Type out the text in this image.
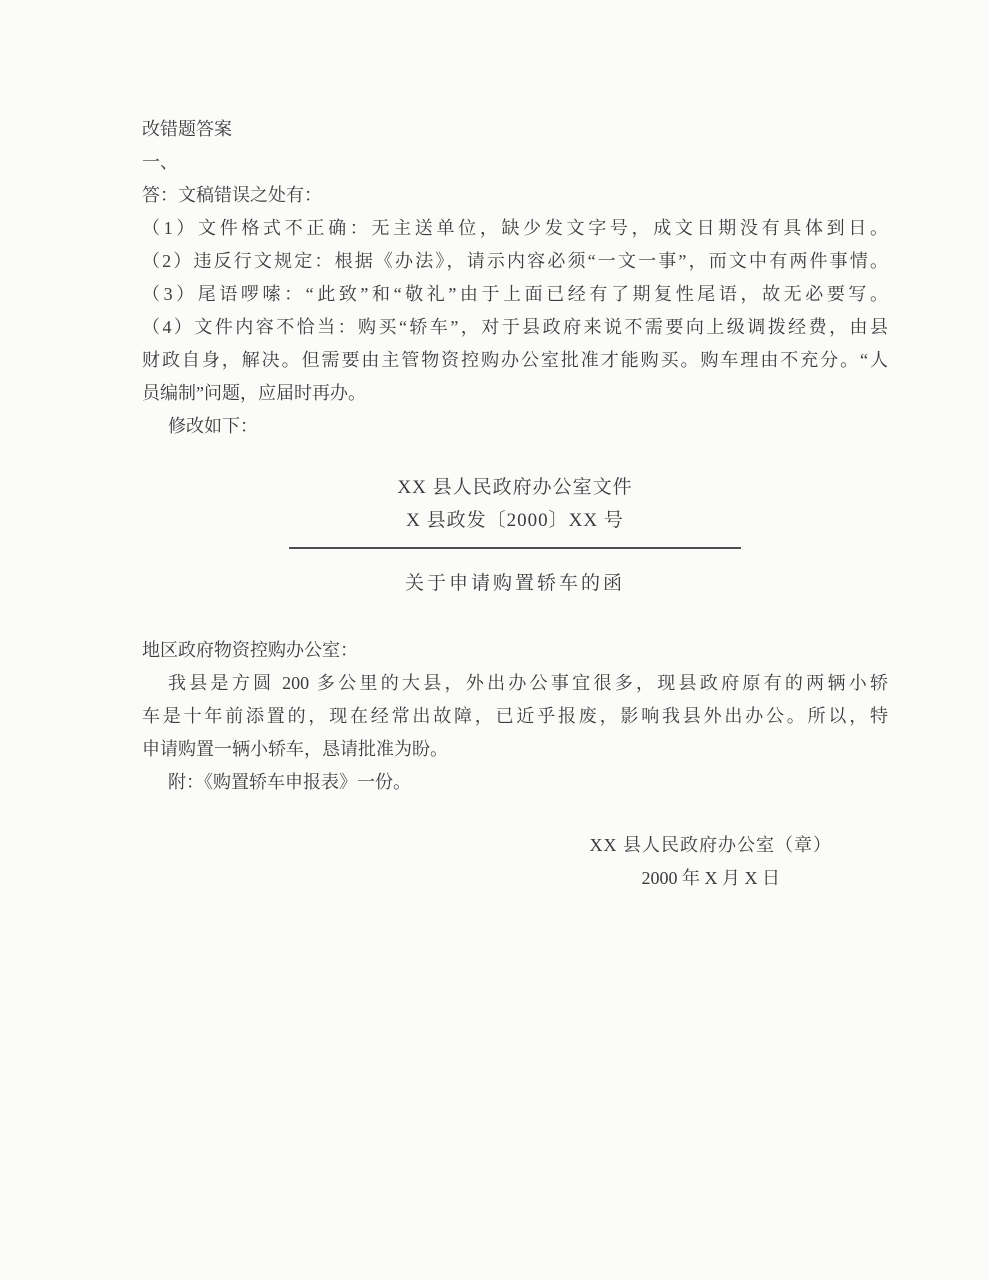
改错题答案
一、
答：文稿错误之处有：
（1）文件格式不正确：无主送单位，缺少发文字号，成文日期没有具体到日。
（2）违反行文规定：根据《办法》，请示内容必须“一文一事”，而文中有两件事情。
（3）尾语啰嗦：“此致”和“敬礼”由于上面已经有了期复性尾语，故无必要写。
（4）文件内容不恰当：购买“轿车”，对于县政府来说不需要向上级调拨经费，由县
财政自身，解决。但需要由主管物资控购办公室批准才能购买。购车理由不充分。“人
员编制”问题，应届时再办。
修改如下：
XX 县人民政府办公室文件
X 县政发〔2000〕XX 号
关于申请购置轿车的函
地区政府物资控购办公室：
我县是方圆 200 多公里的大县，外出办公事宜很多，现县政府原有的两辆小轿
车是十年前添置的，现在经常出故障，已近乎报废，影响我县外出办公。所以，特
申请购置一辆小轿车，恳请批准为盼。
附：《购置轿车申报表》一份。
XX 县人民政府办公室（章）
2000 年 X 月 X 日
